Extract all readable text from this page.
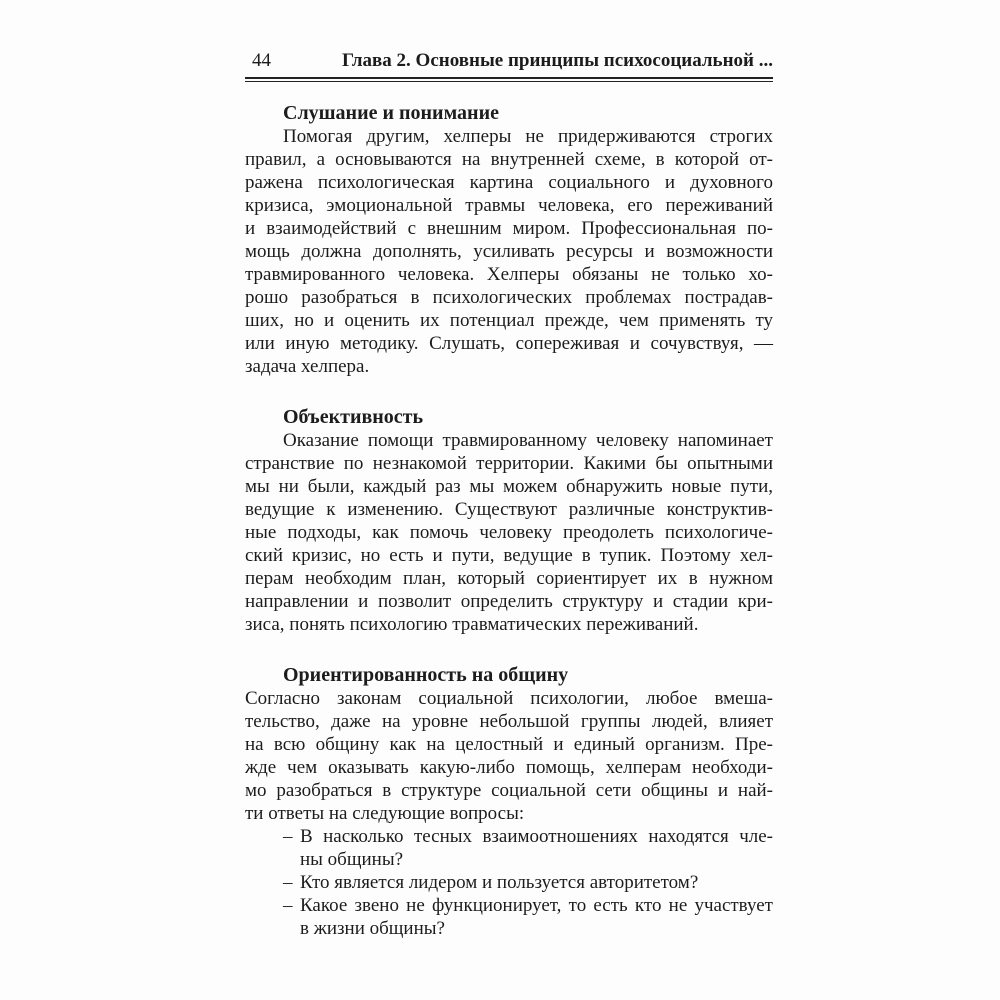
44	Глава 2. Основные принципы психосоциальной ...
Слушание и понимание
Помогая другим, хелперы не придерживаются строгих
правил, а основываются на внутренней схеме, в которой от-
ражена психологическая картина социального и духовного
кризиса, эмоциональной травмы человека, его переживаний
и взаимодействий с внешним миром. Профессиональная по-
мощь должна дополнять, усиливать ресурсы и возможности
травмированного человека. Хелперы обязаны не только хо-
рошо разобраться в психологических проблемах пострадав-
ших, но и оценить их потенциал прежде, чем применять ту
или иную методику. Слушать, сопереживая и сочувствуя, —
задача хелпера.
Объективность
Оказание помощи травмированному человеку напоминает
странствие по незнакомой территории. Какими бы опытными
мы ни были, каждый раз мы можем обнаружить новые пути,
ведущие к изменению. Существуют различные конструктив-
ные подходы, как помочь человеку преодолеть психологиче-
ский кризис, но есть и пути, ведущие в тупик. Поэтому хел-
перам необходим план, который сориентирует их в нужном
направлении и позволит определить структуру и стадии кри-
зиса, понять психологию травматических переживаний.
Ориентированность на общину
Согласно законам социальной психологии, любое вмеша-
тельство, даже на уровне небольшой группы людей, влияет
на всю общину как на целостный и единый организм. Пре-
жде чем оказывать какую-либо помощь, хелперам необходи-
мо разобраться в структуре социальной сети общины и най-
ти ответы на следующие вопросы:
– В насколько тесных взаимоотношениях находятся чле-
ны общины?
– Кто является лидером и пользуется авторитетом?
– Какое звено не функционирует, то есть кто не участвует
в жизни общины?
